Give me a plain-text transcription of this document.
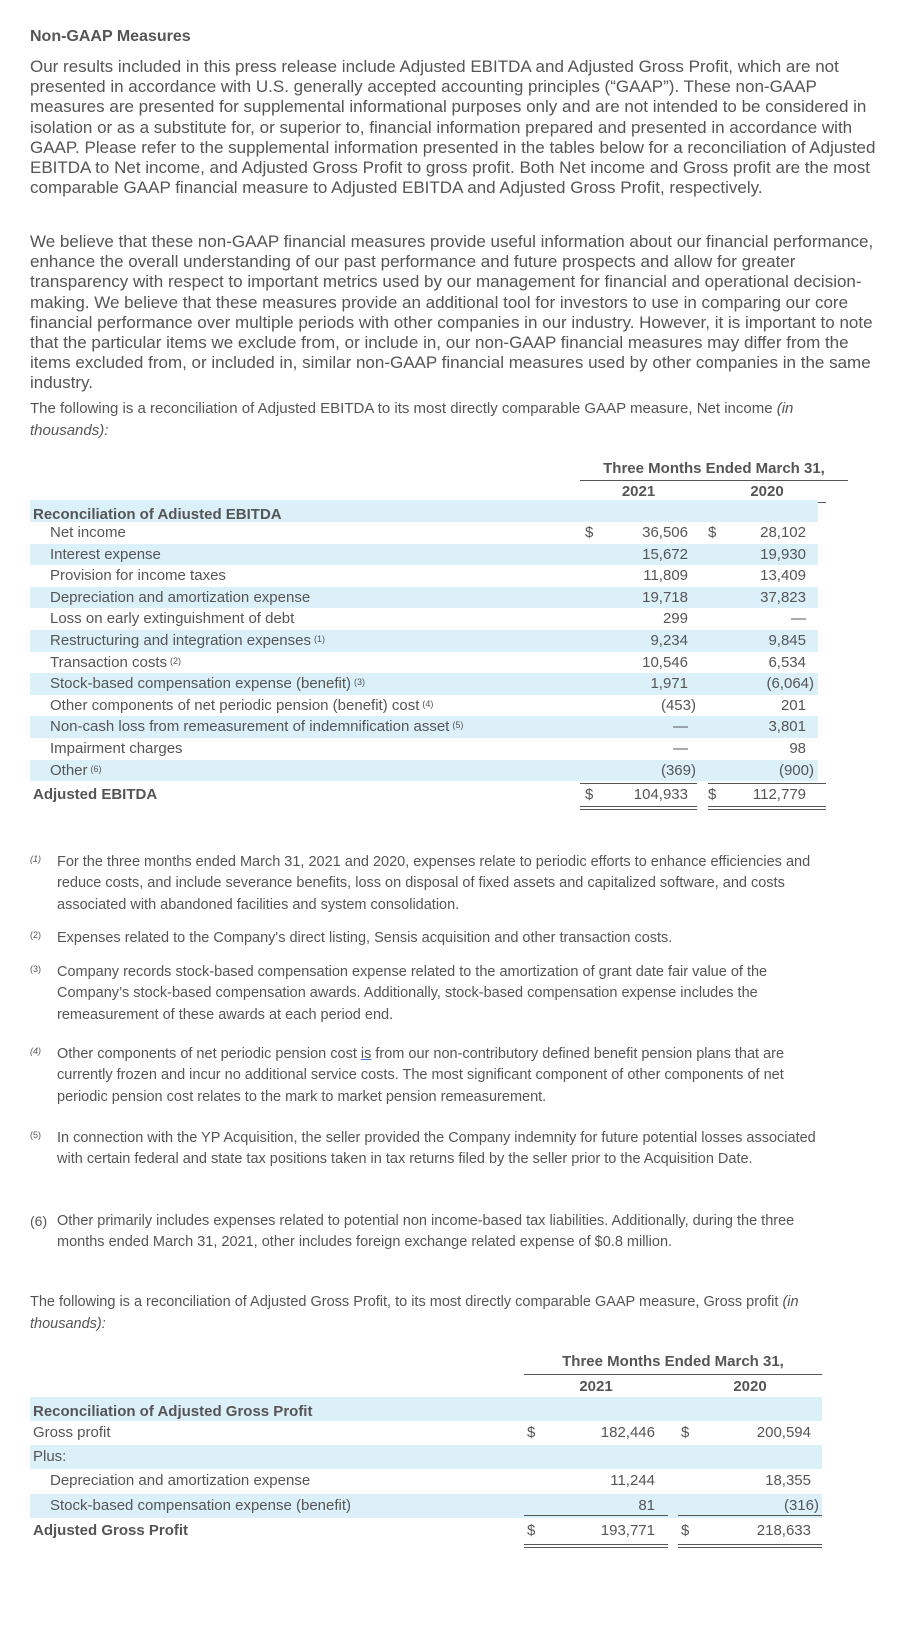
Non-GAAP Measures

Our results included in this press release include Adjusted EBITDA and Adjusted Gross Profit, which are not presented in accordance with U.S. generally accepted accounting principles (“GAAP”). These non-GAAP measures are presented for supplemental informational purposes only and are not intended to be considered in isolation or as a substitute for, or superior to, financial information prepared and presented in accordance with GAAP. Please refer to the supplemental information presented in the tables below for a reconciliation of Adjusted EBITDA to Net income, and Adjusted Gross Profit to gross profit. Both Net income and Gross profit are the most comparable GAAP financial measure to Adjusted EBITDA and Adjusted Gross Profit, respectively.

We believe that these non-GAAP financial measures provide useful information about our financial performance, enhance the overall understanding of our past performance and future prospects and allow for greater transparency with respect to important metrics used by our management for financial and operational decision-making. We believe that these measures provide an additional tool for investors to use in comparing our core financial performance over multiple periods with other companies in our industry. However, it is important to note that the particular items we exclude from, or include in, our non-GAAP financial measures may differ from the items excluded from, or included in, similar non-GAAP financial measures used by other companies in the same industry.

The following is a reconciliation of Adjusted EBITDA to its most directly comparable GAAP measure, Net income (in thousands):

Three Months Ended March 31,
2021	2020
Reconciliation of Adiusted EBITDA
Net income	$	36,506 $	28,102
Interest expense	15,672	19,930
Provision for income taxes	11,809	13,409
Depreciation and amortization expense	19,718	37,823
Loss on early extinguishment of debt	299	—
Restructuring and integration expenses $^{(1)}$	9,234	9,845
Transaction costs $^{(2)}$	10,546	6,534
Stock-based compensation expense (benefit) $^{(3)}$	1,971	(6,064)
Other components of net periodic pension (benefit) cost $^{(4)}$	(453)	201
Non-cash loss from remeasurement of indemnification asset $^{(5)}$	—	3,801
Impairment charges	—	98
Other $^{(6)}$	(369)	(900)
Adjusted EBITDA	$	104,933 $	112,779
(1) For the three months ended March 31, 2021 and 2020, expenses relate to periodic efforts to enhance efficiencies and reduce costs, and include severance benefits, loss on disposal of fixed assets and capitalized software, and costs associated with abandoned facilities and system consolidation.
(2) Expenses related to the Company's direct listing, Sensis acquisition and other transaction costs.
(3) Company records stock-based compensation expense related to the amortization of grant date fair value of the Company’s stock-based compensation awards. Additionally, stock-based compensation expense includes the remeasurement of these awards at each period end.
(4) Other components of net periodic pension cost is from our non-contributory defined benefit pension plans that are currently frozen and incur no additional service costs. The most significant component of other components of net periodic pension cost relates to the mark to market pension remeasurement.
(5) In connection with the YP Acquisition, the seller provided the Company indemnity for future potential losses associated with certain federal and state tax positions taken in tax returns filed by the seller prior to the Acquisition Date.
(6) Other primarily includes expenses related to potential non income-based tax liabilities. Additionally, during the three months ended March 31, 2021, other includes foreign exchange related expense of $0.8 million.

The following is a reconciliation of Adjusted Gross Profit, to its most directly comparable GAAP measure, Gross profit (in thousands):

Three Months Ended March 31,
2021	2020
Reconciliation of Adjusted Gross Profit
Gross profit	$	182,446 $	200,594
Plus:
Depreciation and amortization expense	11,244	18,355
Stock-based compensation expense (benefit)	81	(316)
Adjusted Gross Profit	$	193,771 $	218,633
